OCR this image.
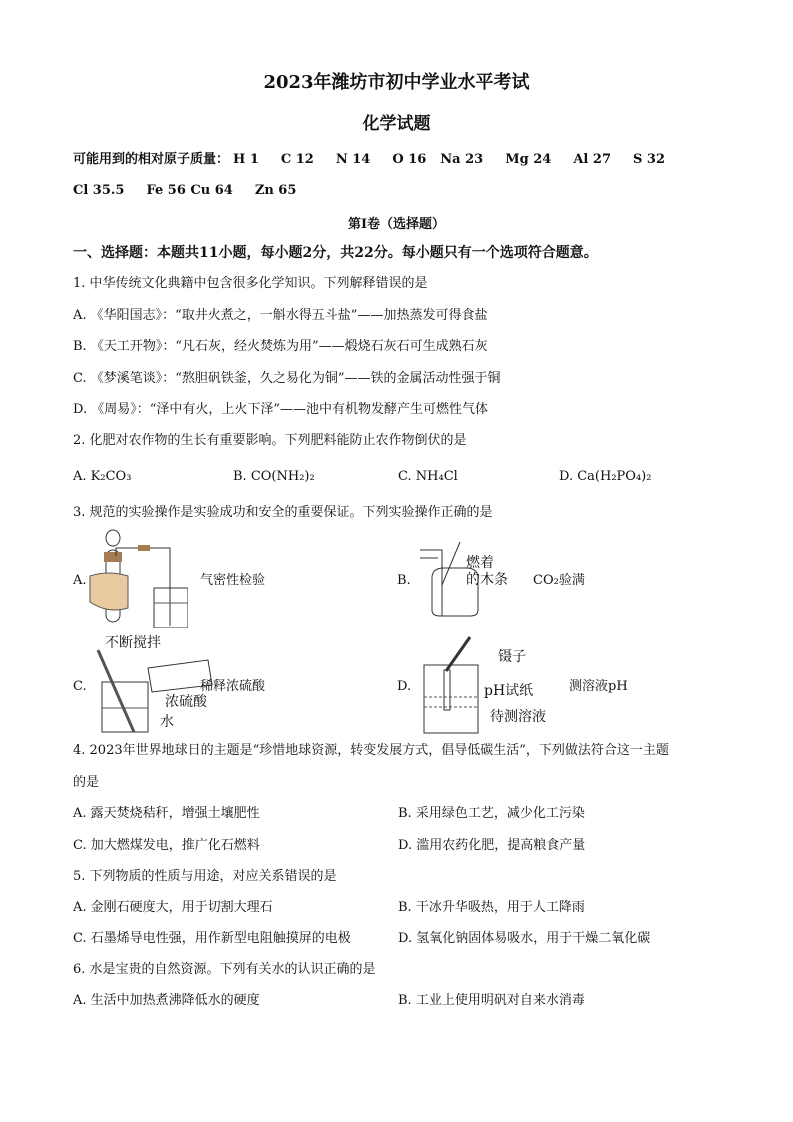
2023年潍坊市初中学业水平考试
化学试题
可能用到的相对原子质量： H 1 C 12 N 14 O 16 Na 23 Mg 24 Al 27 S 32
Cl 35.5 Fe 56 Cu 64 Zn 65
第Ⅰ卷（选择题）
一、选择题：本题共11小题，每小题2分，共22分。每小题只有一个选项符合题意。
1. 中华传统文化典籍中包含很多化学知识。下列解释错误的是
A. 《华阳国志》：“取井火煮之，一斛水得五斗盐”——加热蒸发可得食盐
B. 《天工开物》：“凡石灰，经火焚炼为用”——煅烧石灰石可生成熟石灰
C. 《梦溪笔谈》：“熬胆矾铁釜，久之易化为铜”——铁的金属活动性强于铜
D. 《周易》：“泽中有火，上火下泽”——池中有机物发酵产生可燃性气体
2. 化肥对农作物的生长有重要影响。下列肥料能防止农作物倒伏的是
A. K₂CO₃	B. CO(NH₂)₂	C. NH₄Cl	D. Ca(H₂PO₄)₂
3. 规范的实验操作是实验成功和安全的重要保证。下列实验操作正确的是
A.	气密性检验	B.
燃着
的木条 CO₂验满
C.
不断搅拌
浓硫酸
水
稀释浓硫酸	D.
镊子
pH试纸
待测溶液
测溶液pH
4. 2023年世界地球日的主题是“珍惜地球资源，转变发展方式，倡导低碳生活”，下列做法符合这一主题
的是
A. 露天焚烧秸秆，增强土壤肥性	B. 采用绿色工艺，减少化工污染
C. 加大燃煤发电，推广化石燃料	D. 滥用农药化肥，提高粮食产量
5. 下列物质的性质与用途，对应关系错误的是
A. 金刚石硬度大，用于切割大理石	B. 干冰升华吸热，用于人工降雨
C. 石墨烯导电性强，用作新型电阻触摸屏的电极	D. 氢氧化钠固体易吸水，用于干燥二氧化碳
6. 水是宝贵的自然资源。下列有关水的认识正确的是
A. 生活中加热煮沸降低水的硬度	B. 工业上使用明矾对自来水消毒
